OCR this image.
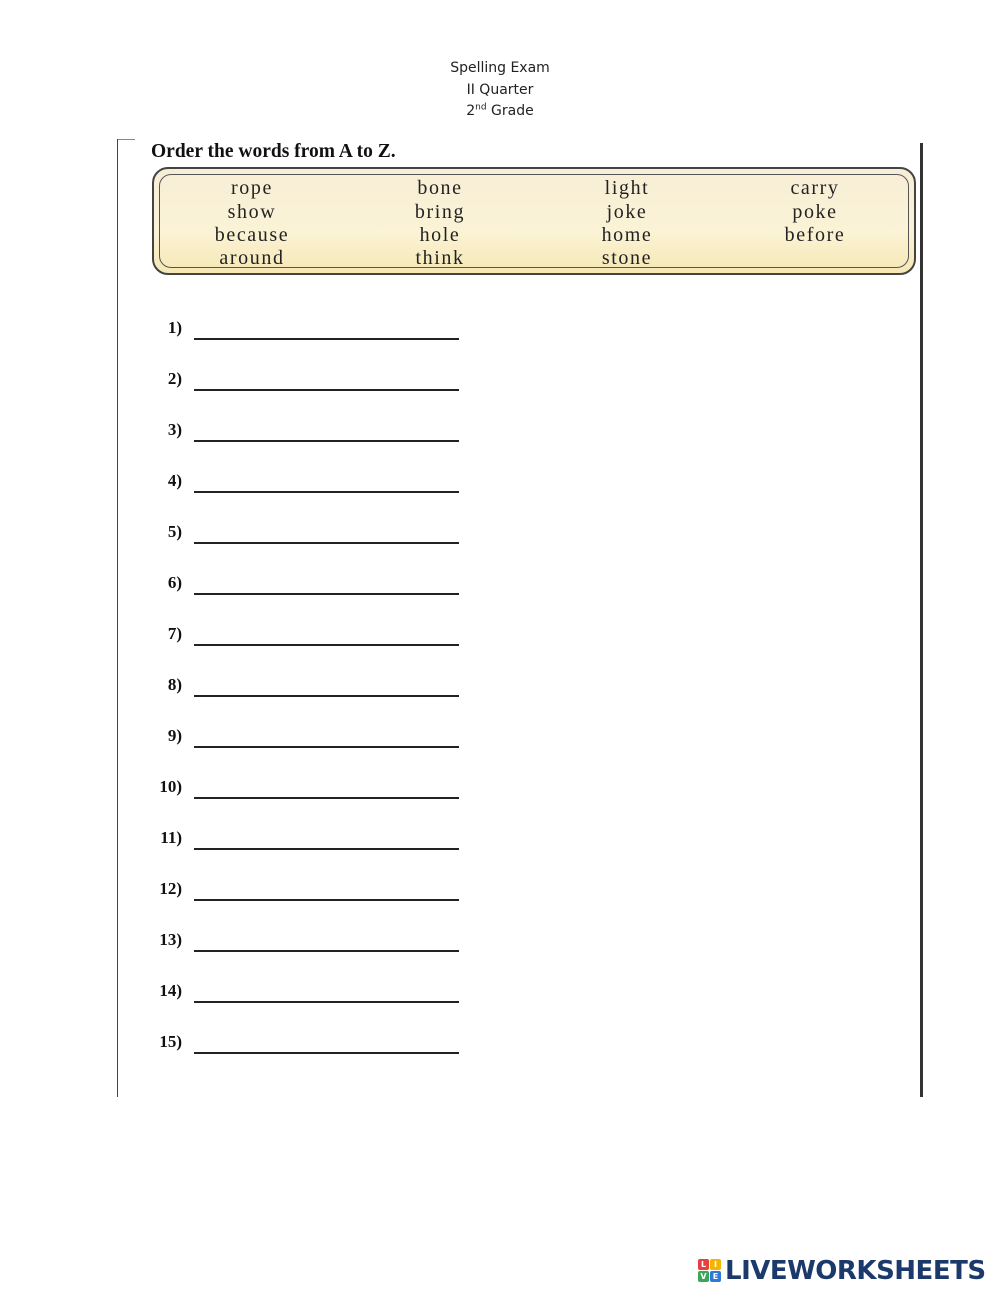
Spelling Exam
II Quarter
2nd Grade
Order the words from A to Z.
rope
show
because
around
bone
bring
hole
think
light
joke
home
stone
carry
poke
before
1)
2)
3)
4)
5)
6)
7)
8)
9)
10)
11)
12)
13)
14)
15)
L I
V E LIVEWORKSHEETS
